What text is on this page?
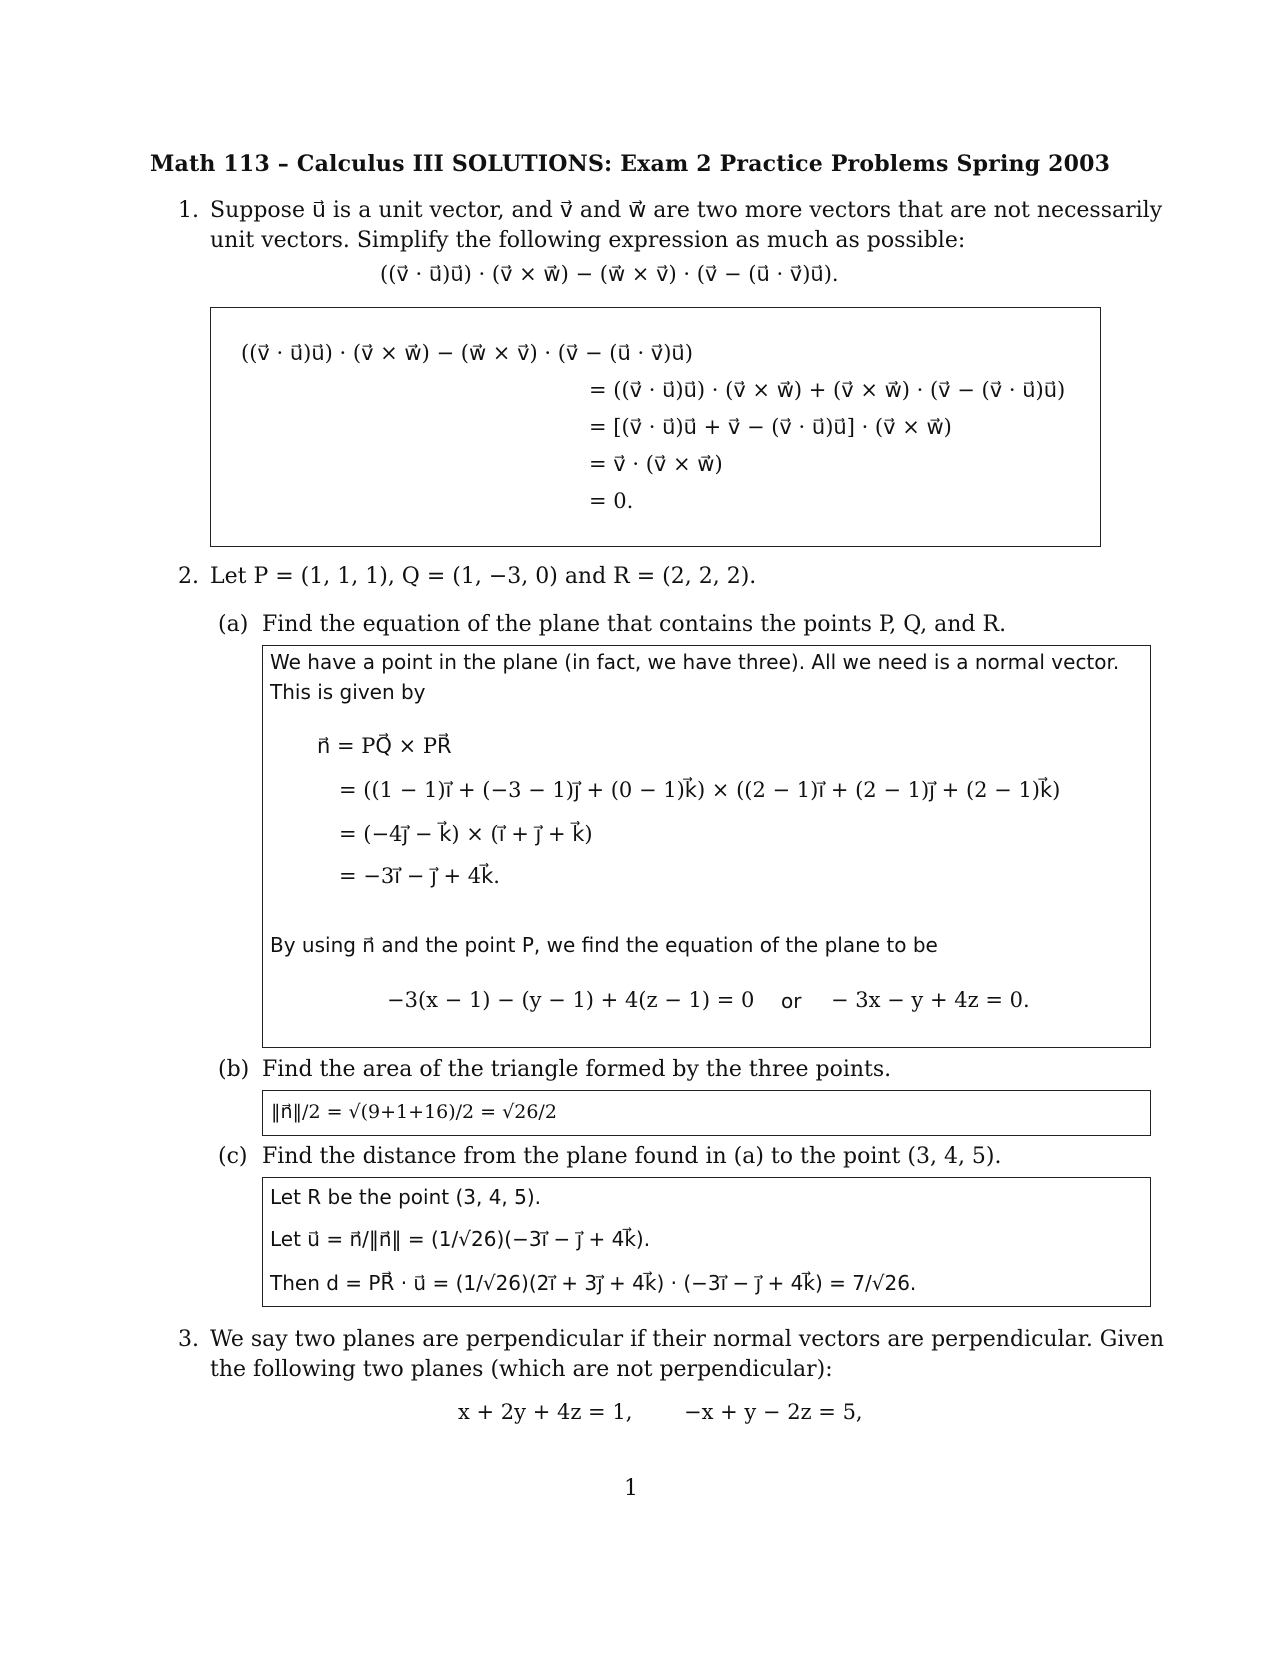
Math 113 – Calculus III SOLUTIONS: Exam 2 Practice Problems Spring 2003
1. Suppose u⃗ is a unit vector, and v⃗ and w⃗ are two more vectors that are not necessarily
unit vectors. Simplify the following expression as much as possible:
((v⃗ · u⃗)u⃗) · (v⃗ × w⃗) − (w⃗ × v⃗) · (v⃗ − (u⃗ · v⃗)u⃗).
((v⃗ · u⃗)u⃗) · (v⃗ × w⃗) − (w⃗ × v⃗) · (v⃗ − (u⃗ · v⃗)u⃗)
= ((v⃗ · u⃗)u⃗) · (v⃗ × w⃗) + (v⃗ × w⃗) · (v⃗ − (v⃗ · u⃗)u⃗)
= [(v⃗ · u⃗)u⃗ + v⃗ − (v⃗ · u⃗)u⃗] · (v⃗ × w⃗)
= v⃗ · (v⃗ × w⃗)
= 0.
2. Let P = (1, 1, 1), Q = (1, −3, 0) and R = (2, 2, 2).
(a) Find the equation of the plane that contains the points P, Q, and R.
We have a point in the plane (in fact, we have three). All we need is a normal vector.
This is given by
n⃗ = PQ⃗ × PR⃗
= ((1 − 1)i⃗ + (−3 − 1)j⃗ + (0 − 1)k⃗) × ((2 − 1)i⃗ + (2 − 1)j⃗ + (2 − 1)k⃗)
= (−4j⃗ − k⃗) × (i⃗ + j⃗ + k⃗)
= −3i⃗ − j⃗ + 4k⃗.
By using n⃗ and the point P, we find the equation of the plane to be
−3(x − 1) − (y − 1) + 4(z − 1) = 0 or − 3x − y + 4z = 0.
(b) Find the area of the triangle formed by the three points.
‖n⃗‖/2 = √(9+1+16)/2 = √26/2
(c) Find the distance from the plane found in (a) to the point (3, 4, 5).
Let R be the point (3, 4, 5).
Let u⃗ = n⃗/‖n⃗‖ = (1/√26)(−3i⃗ − j⃗ + 4k⃗).
Then d = PR⃗ · u⃗ = (1/√26)(2i⃗ + 3j⃗ + 4k⃗) · (−3i⃗ − j⃗ + 4k⃗) = 7/√26.
3. We say two planes are perpendicular if their normal vectors are perpendicular. Given
the following two planes (which are not perpendicular):
x + 2y + 4z = 1, −x + y − 2z = 5,
1
